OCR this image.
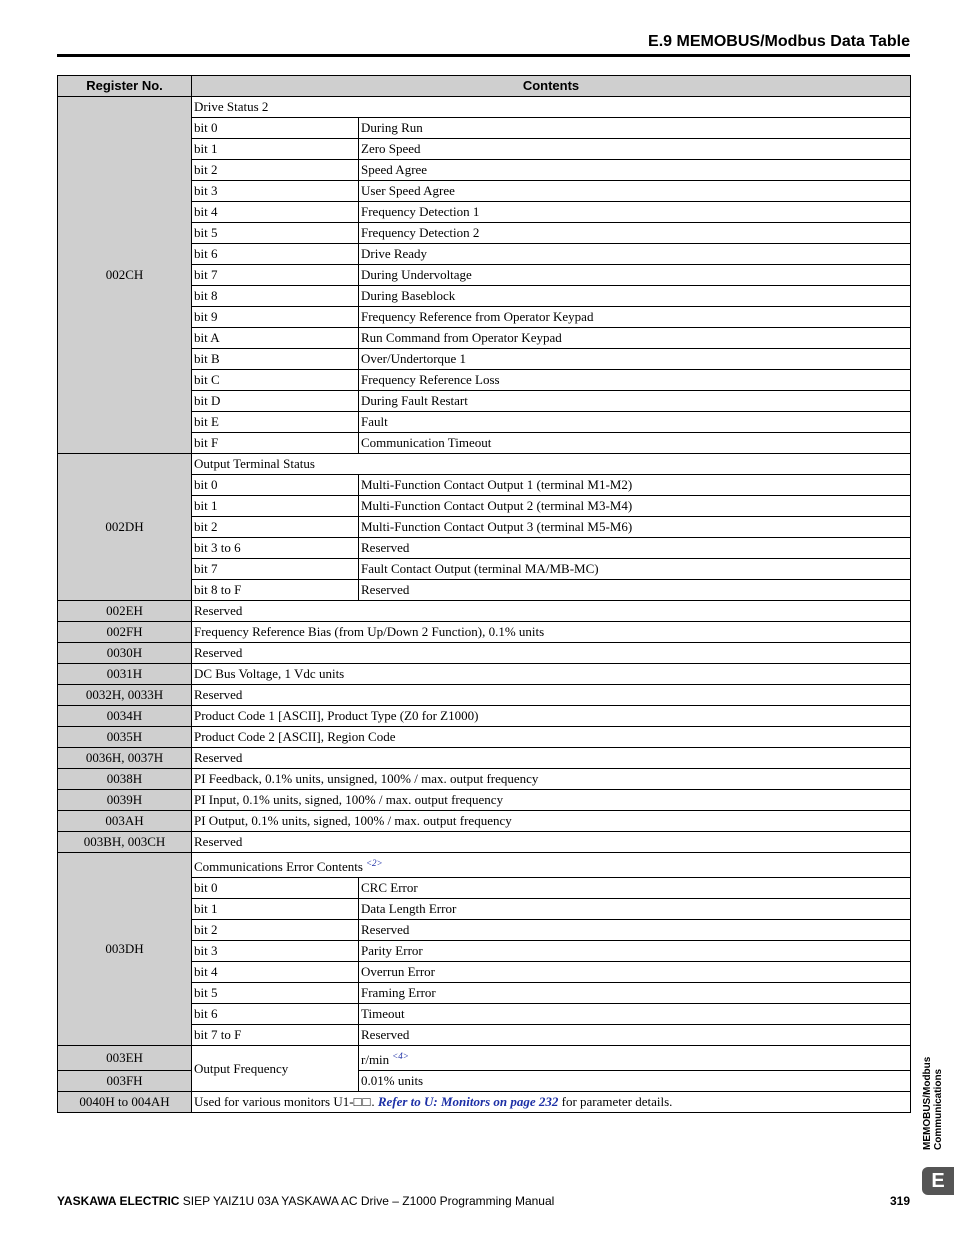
E.9 MEMOBUS/Modbus Data Table
Register No.	Contents	
002CH	Drive Status 2	
	bit 0	During Run
	bit 1	Zero Speed
	bit 2	Speed Agree
	bit 3	User Speed Agree
	bit 4	Frequency Detection 1
	bit 5	Frequency Detection 2
	bit 6	Drive Ready
	bit 7	During Undervoltage
	bit 8	During Baseblock
	bit 9	Frequency Reference from Operator Keypad
	bit A	Run Command from Operator Keypad
	bit B	Over/Undertorque 1
	bit C	Frequency Reference Loss
	bit D	During Fault Restart
	bit E	Fault
	bit F	Communication Timeout
002DH	Output Terminal Status	
	bit 0	Multi-Function Contact Output 1 (terminal M1-M2)
	bit 1	Multi-Function Contact Output 2 (terminal M3-M4)
	bit 2	Multi-Function Contact Output 3 (terminal M5-M6)
	bit 3 to 6	Reserved
	bit 7	Fault Contact Output (terminal MA/MB-MC)
	bit 8 to F	Reserved
002EH	Reserved	
002FH	Frequency Reference Bias (from Up/Down 2 Function), 0.1% units	
0030H	Reserved	
0031H	DC Bus Voltage, 1 Vdc units	
0032H, 0033H	Reserved	
0034H	Product Code 1 [ASCII], Product Type (Z0 for Z1000)	
0035H	Product Code 2 [ASCII], Region Code	
0036H, 0037H	Reserved	
0038H	PI Feedback, 0.1% units, unsigned, 100% / max. output frequency	
0039H	PI Input, 0.1% units, signed, 100% / max. output frequency	
003AH	PI Output, 0.1% units, signed, 100% / max. output frequency	
003BH, 003CH	Reserved	
003DH	Communications Error Contents $^{<2>}$
	bit 0	CRC Error
	bit 1	Data Length Error
	bit 2	Reserved
	bit 3	Parity Error
	bit 4	Overrun Error
	bit 5	Framing Error
	bit 6	Timeout
	bit 7 to F	Reserved
003EH	Output Frequency	r/min $^{<4>}$
003FH		0.01% units
0040H to 004AH	Used for various monitors U1-□□. Refer to U: Monitors on page 232 for parameter details.		MEMOBUS/Modbus Communications
E
YASKAWA ELECTRIC SIEP YAIZ1U 03A YASKAWA AC Drive – Z1000 Programming Manual	319
